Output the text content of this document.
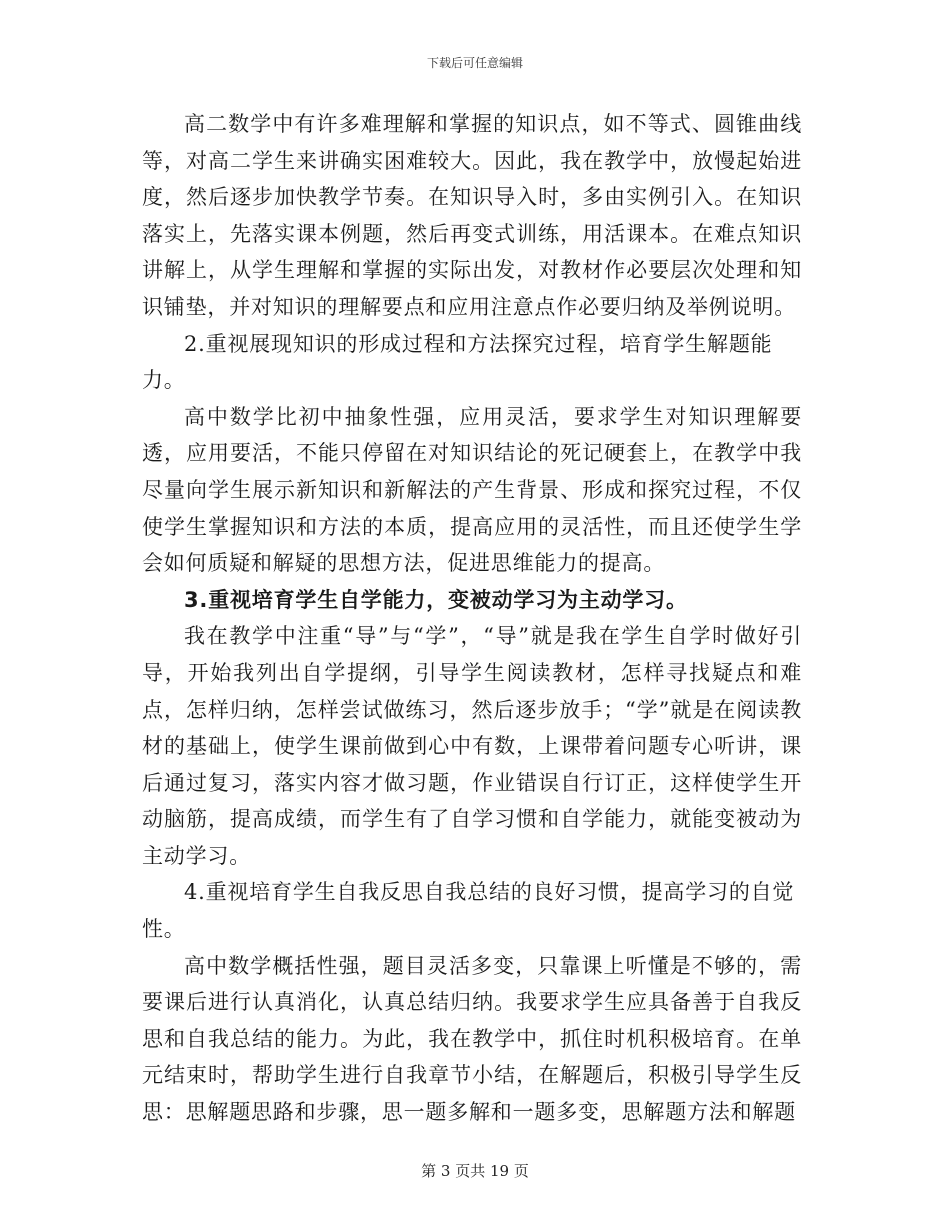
下载后可任意编辑

高二数学中有许多难理解和掌握的知识点，如不等式、圆锥曲线等，对高二学生来讲确实困难较大。因此，我在教学中，放慢起始进度，然后逐步加快教学节奏。在知识导入时，多由实例引入。在知识落实上，先落实课本例题，然后再变式训练，用活课本。在难点知识讲解上，从学生理解和掌握的实际出发，对教材作必要层次处理和知识铺垫，并对知识的理解要点和应用注意点作必要归纳及举例说明。

2.重视展现知识的形成过程和方法探究过程，培育学生解题能力。

高中数学比初中抽象性强，应用灵活，要求学生对知识理解要透，应用要活，不能只停留在对知识结论的死记硬套上，在教学中我尽量向学生展示新知识和新解法的产生背景、形成和探究过程，不仅使学生掌握知识和方法的本质，提高应用的灵活性，而且还使学生学会如何质疑和解疑的思想方法，促进思维能力的提高。

3.重视培育学生自学能力，变被动学习为主动学习。

我在教学中注重“导”与“学”，“导”就是我在学生自学时做好引导，开始我列出自学提纲，引导学生阅读教材，怎样寻找疑点和难点，怎样归纳，怎样尝试做练习，然后逐步放手；“学”就是在阅读教材的基础上，使学生课前做到心中有数，上课带着问题专心听讲，课后通过复习，落实内容才做习题，作业错误自行订正，这样使学生开动脑筋，提高成绩，而学生有了自学习惯和自学能力，就能变被动为主动学习。

4.重视培育学生自我反思自我总结的良好习惯，提高学习的自觉性。

高中数学概括性强，题目灵活多变，只靠课上听懂是不够的，需要课后进行认真消化，认真总结归纳。我要求学生应具备善于自我反思和自我总结的能力。为此，我在教学中，抓住时机积极培育。在单元结束时，帮助学生进行自我章节小结，在解题后，积极引导学生反思：思解题思路和步骤，思一题多解和一题多变，思解题方法和解题

第 3 页共 19 页
